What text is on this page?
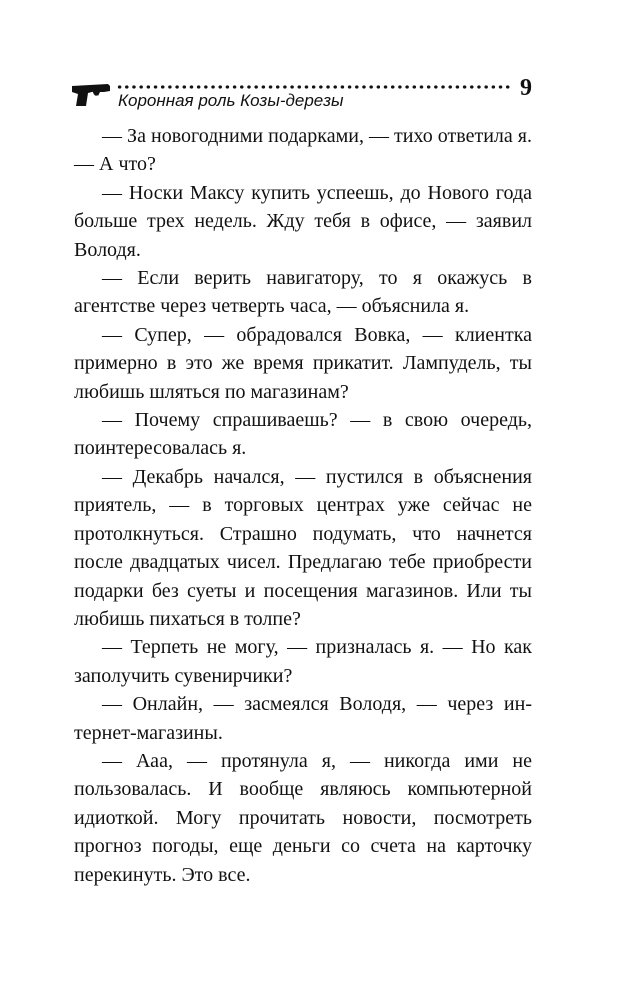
Коронная роль Козы-дерезы	9

— За новогодними подарками, — тихо ответила я. — А что?

— Носки Максу купить успеешь, до Нового года больше трех недель. Жду тебя в офисе, — заявил Володя.

— Если верить навигатору, то я окажусь в агентстве через четверть часа, — объяснила я.

— Супер, — обрадовался Вовка, — клиентка примерно в это же время прикатит. Лампудель, ты любишь шляться по магазинам?

— Почему спрашиваешь? — в свою очередь, поинтересовалась я.

— Декабрь начался, — пустился в объяснения приятель, — в торговых центрах уже сейчас не протолкнуться. Страшно подумать, что начнется после двадцатых чисел. Предлагаю тебе приобрести подарки без суеты и посещения магазинов. Или ты любишь пихаться в толпе?

— Терпеть не могу, — призналась я. — Но как заполучить сувенирчики?

— Онлайн, — засмеялся Володя, — через интернет-магазины.

— Ааа, — протянула я, — никогда ими не пользовалась. И вообще являюсь компьютерной идиоткой. Могу прочитать новости, посмотреть прогноз погоды, еще деньги со счета на карточку перекинуть. Это все.
